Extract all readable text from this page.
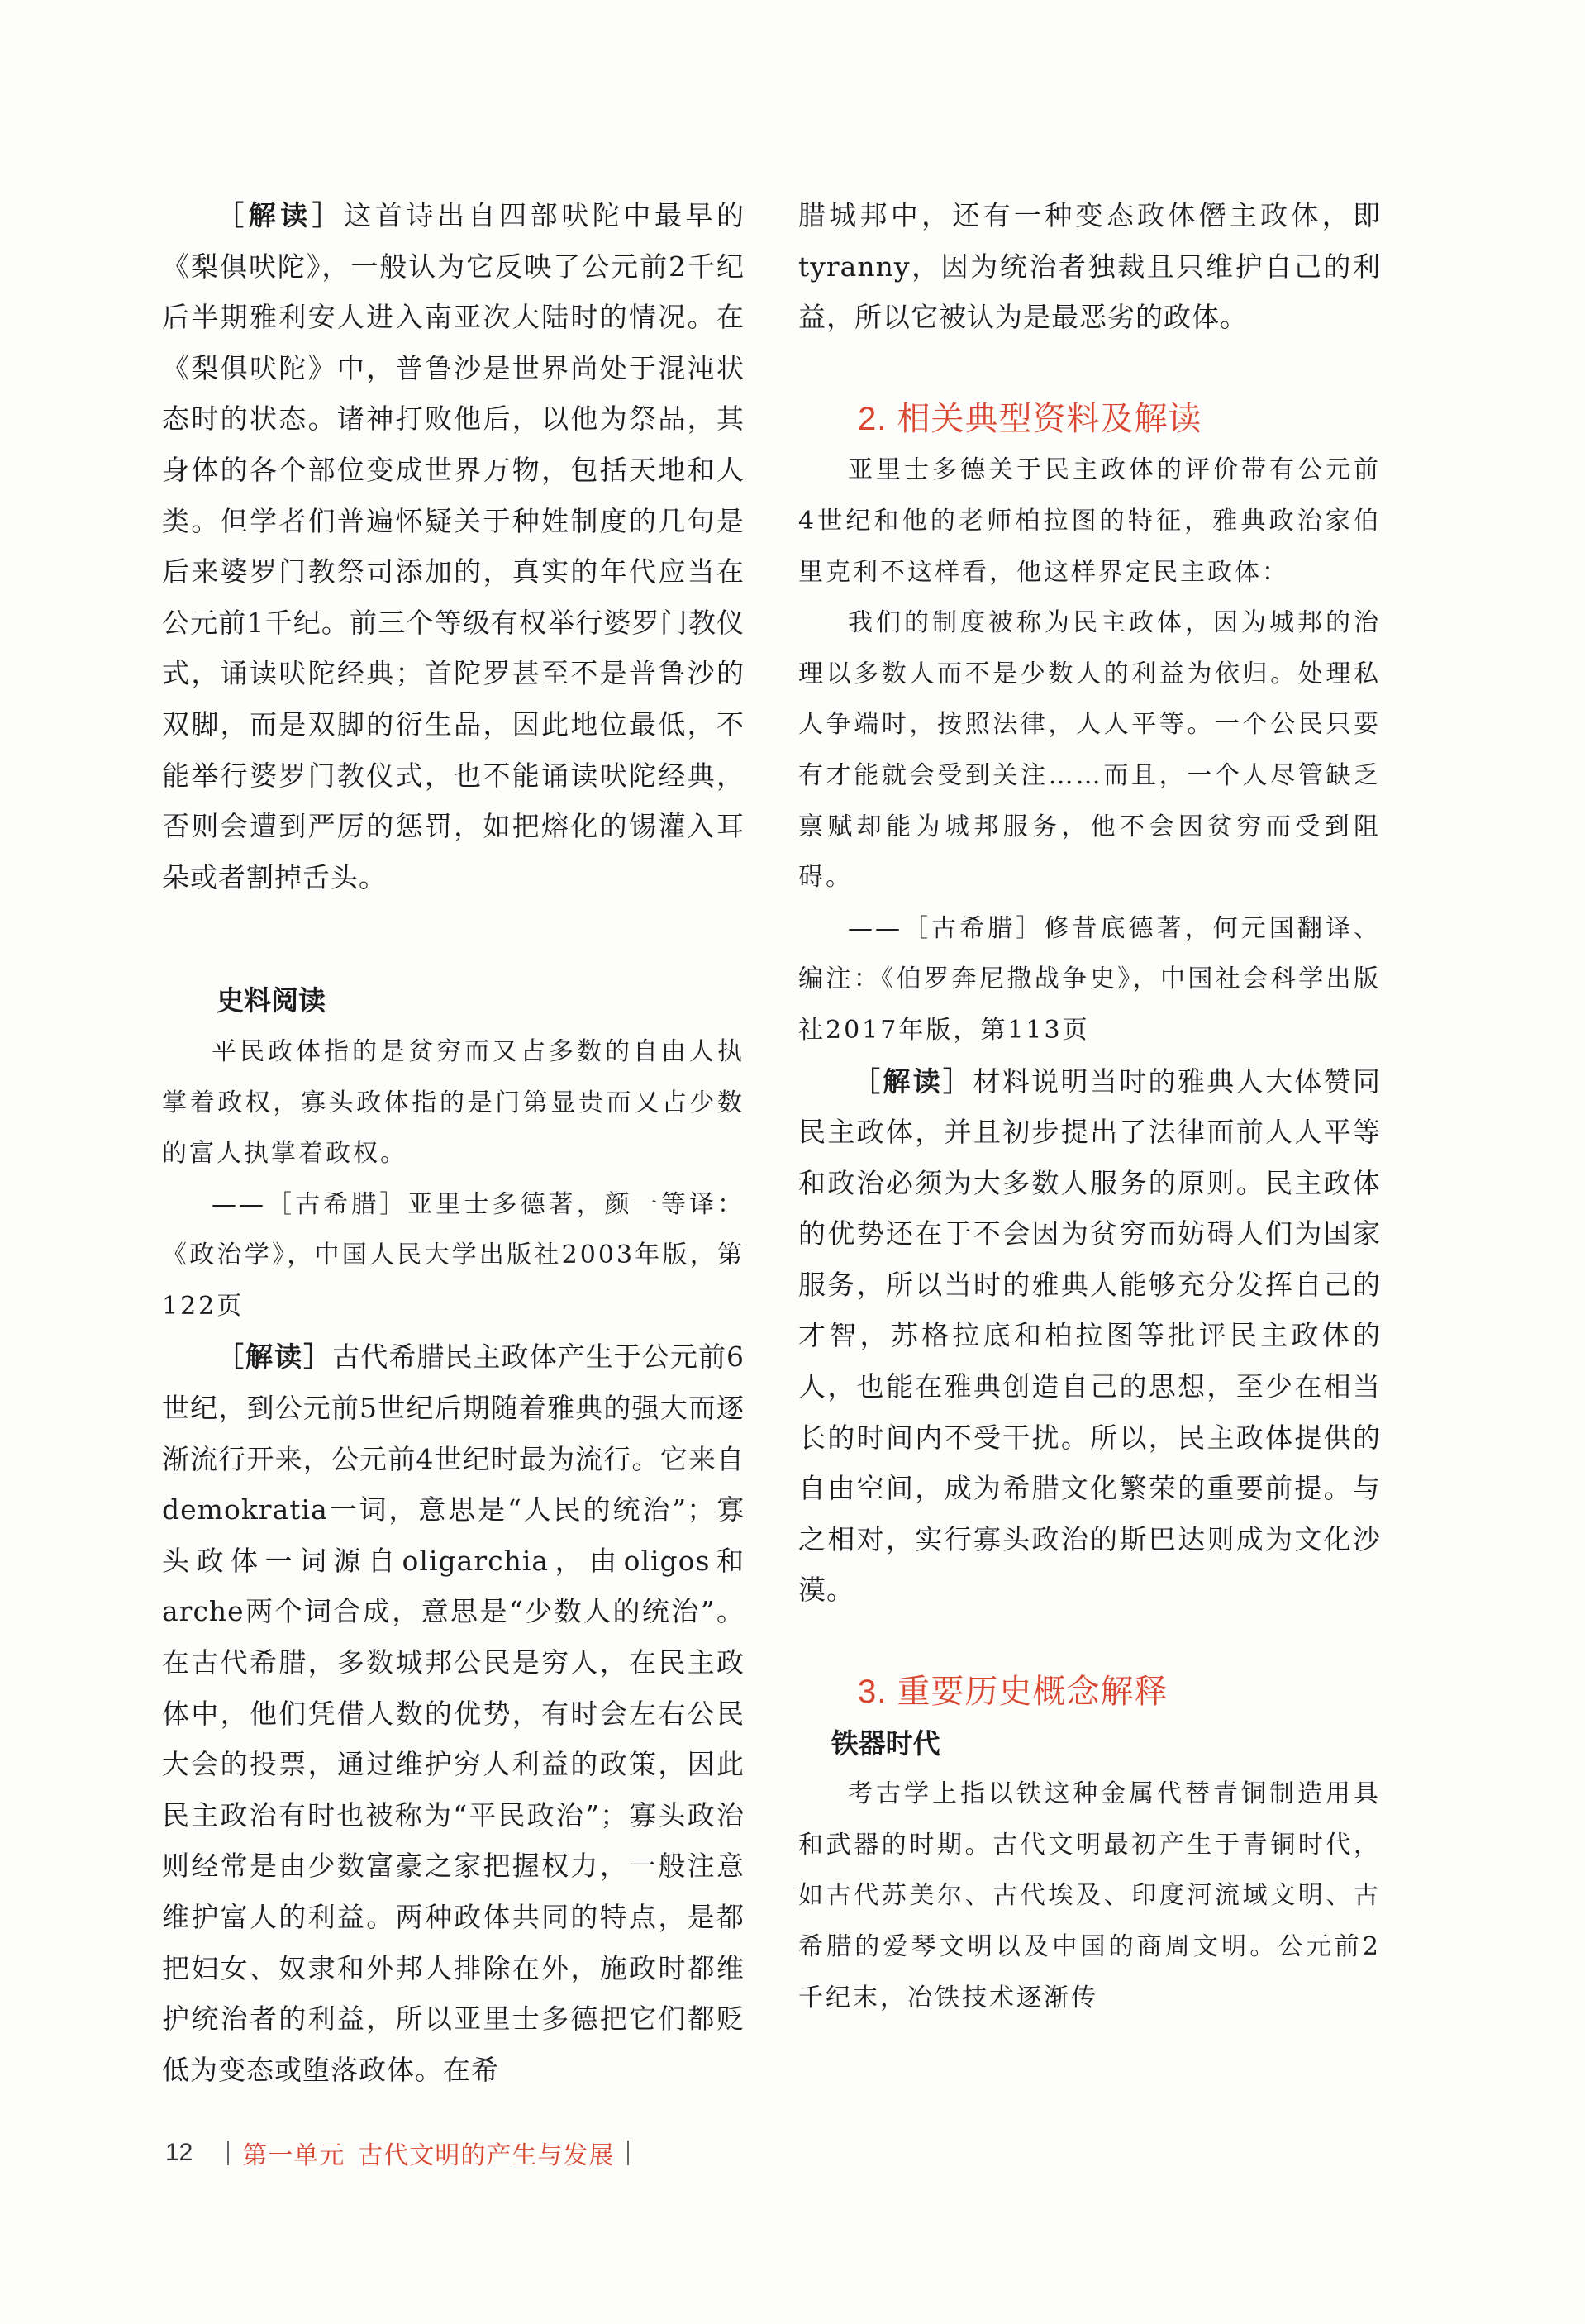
［解读］这首诗出自四部吠陀中最早的《梨俱吠陀》，一般认为它反映了公元前2千纪后半期雅利安人进入南亚次大陆时的情况。在《梨俱吠陀》中，普鲁沙是世界尚处于混沌状态时的状态。诸神打败他后，以他为祭品，其身体的各个部位变成世界万物，包括天地和人类。但学者们普遍怀疑关于种姓制度的几句是后来婆罗门教祭司添加的，真实的年代应当在公元前1千纪。前三个等级有权举行婆罗门教仪式，诵读吠陀经典；首陀罗甚至不是普鲁沙的双脚，而是双脚的衍生品，因此地位最低，不能举行婆罗门教仪式，也不能诵读吠陀经典，否则会遭到严厉的惩罚，如把熔化的锡灌入耳朵或者割掉舌头。

史料阅读

平民政体指的是贫穷而又占多数的自由人执掌着政权，寡头政体指的是门第显贵而又占少数的富人执掌着政权。

——［古希腊］亚里士多德著，颜一等译：《政治学》，中国人民大学出版社2003年版，第122页

［解读］古代希腊民主政体产生于公元前6世纪，到公元前5世纪后期随着雅典的强大而逐渐流行开来，公元前4世纪时最为流行。它来自demokratia一词，意思是“人民的统治”；寡头政体一词源自oligarchia，由oligos和arche两个词合成，意思是“少数人的统治”。在古代希腊，多数城邦公民是穷人，在民主政体中，他们凭借人数的优势，有时会左右公民大会的投票，通过维护穷人利益的政策，因此民主政治有时也被称为“平民政治”；寡头政治则经常是由少数富豪之家把握权力，一般注意维护富人的利益。两种政体共同的特点，是都把妇女、奴隶和外邦人排除在外，施政时都维护统治者的利益，所以亚里士多德把它们都贬低为变态或堕落政体。在希

腊城邦中，还有一种变态政体僭主政体，即tyranny，因为统治者独裁且只维护自己的利益，所以它被认为是最恶劣的政体。

2. 相关典型资料及解读

亚里士多德关于民主政体的评价带有公元前4世纪和他的老师柏拉图的特征，雅典政治家伯里克利不这样看，他这样界定民主政体：

我们的制度被称为民主政体，因为城邦的治理以多数人而不是少数人的利益为依归。处理私人争端时，按照法律，人人平等。一个公民只要有才能就会受到关注……而且，一个人尽管缺乏禀赋却能为城邦服务，他不会因贫穷而受到阻碍。

——［古希腊］修昔底德著，何元国翻译、编注：《伯罗奔尼撒战争史》，中国社会科学出版社2017年版，第113页

［解读］材料说明当时的雅典人大体赞同民主政体，并且初步提出了法律面前人人平等和政治必须为大多数人服务的原则。民主政体的优势还在于不会因为贫穷而妨碍人们为国家服务，所以当时的雅典人能够充分发挥自己的才智，苏格拉底和柏拉图等批评民主政体的人，也能在雅典创造自己的思想，至少在相当长的时间内不受干扰。所以，民主政体提供的自由空间，成为希腊文化繁荣的重要前提。与之相对，实行寡头政治的斯巴达则成为文化沙漠。

3. 重要历史概念解释

铁器时代

考古学上指以铁这种金属代替青铜制造用具和武器的时期。古代文明最初产生于青铜时代，如古代苏美尔、古代埃及、印度河流域文明、古希腊的爱琴文明以及中国的商周文明。公元前2千纪末，冶铁技术逐渐传

12 第一单元 古代文明的产生与发展
